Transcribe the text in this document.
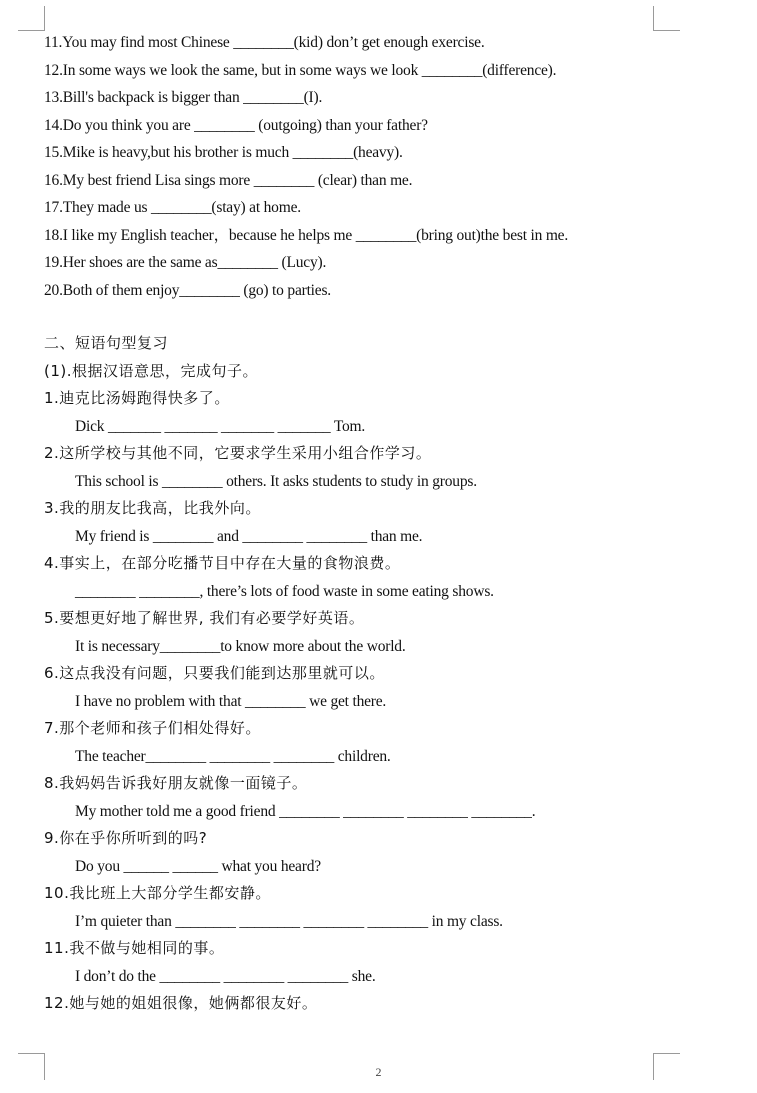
11.You may find most Chinese ________(kid) don’t get enough exercise.
12.In some ways we look the same, but in some ways we look ________(difference).
13.Bill's backpack is bigger than ________(I).
14.Do you think you are ________ (outgoing) than your father?
15.Mike is heavy,but his brother is much ________(heavy).
16.My best friend Lisa sings more ________ (clear) than me.
17.They made us ________(stay) at home.
18.I like my English teacher，because he helps me ________(bring out)the best in me.
19.Her shoes are the same as________ (Lucy).
20.Both of them enjoy________ (go) to parties.
二、短语句型复习
(1).根据汉语意思，完成句子。
1.迪克比汤姆跑得快多了。
Dick _______ _______ _______ _______ Tom.
2.这所学校与其他不同，它要求学生采用小组合作学习。
This school is ________ others. It asks students to study in groups.
3.我的朋友比我高，比我外向。
My friend is ________ and ________ ________ than me.
4.事实上，在部分吃播节目中存在大量的食物浪费。
________ ________, there’s lots of food waste in some eating shows.
5.要想更好地了解世界, 我们有必要学好英语。
It is necessary________to know more about the world.
6.这点我没有问题，只要我们能到达那里就可以。
I have no problem with that ________ we get there.
7.那个老师和孩子们相处得好。
The teacher________ ________ ________ children.
8.我妈妈告诉我好朋友就像一面镜子。
My mother told me a good friend ________ ________ ________ ________.
9.你在乎你所听到的吗?
Do you ______ ______ what you heard?
10.我比班上大部分学生都安静。
I’m quieter than ________ ________ ________ ________ in my class.
11.我不做与她相同的事。
I don’t do the ________ ________ ________ she.
12.她与她的姐姐很像，她俩都很友好。
2
